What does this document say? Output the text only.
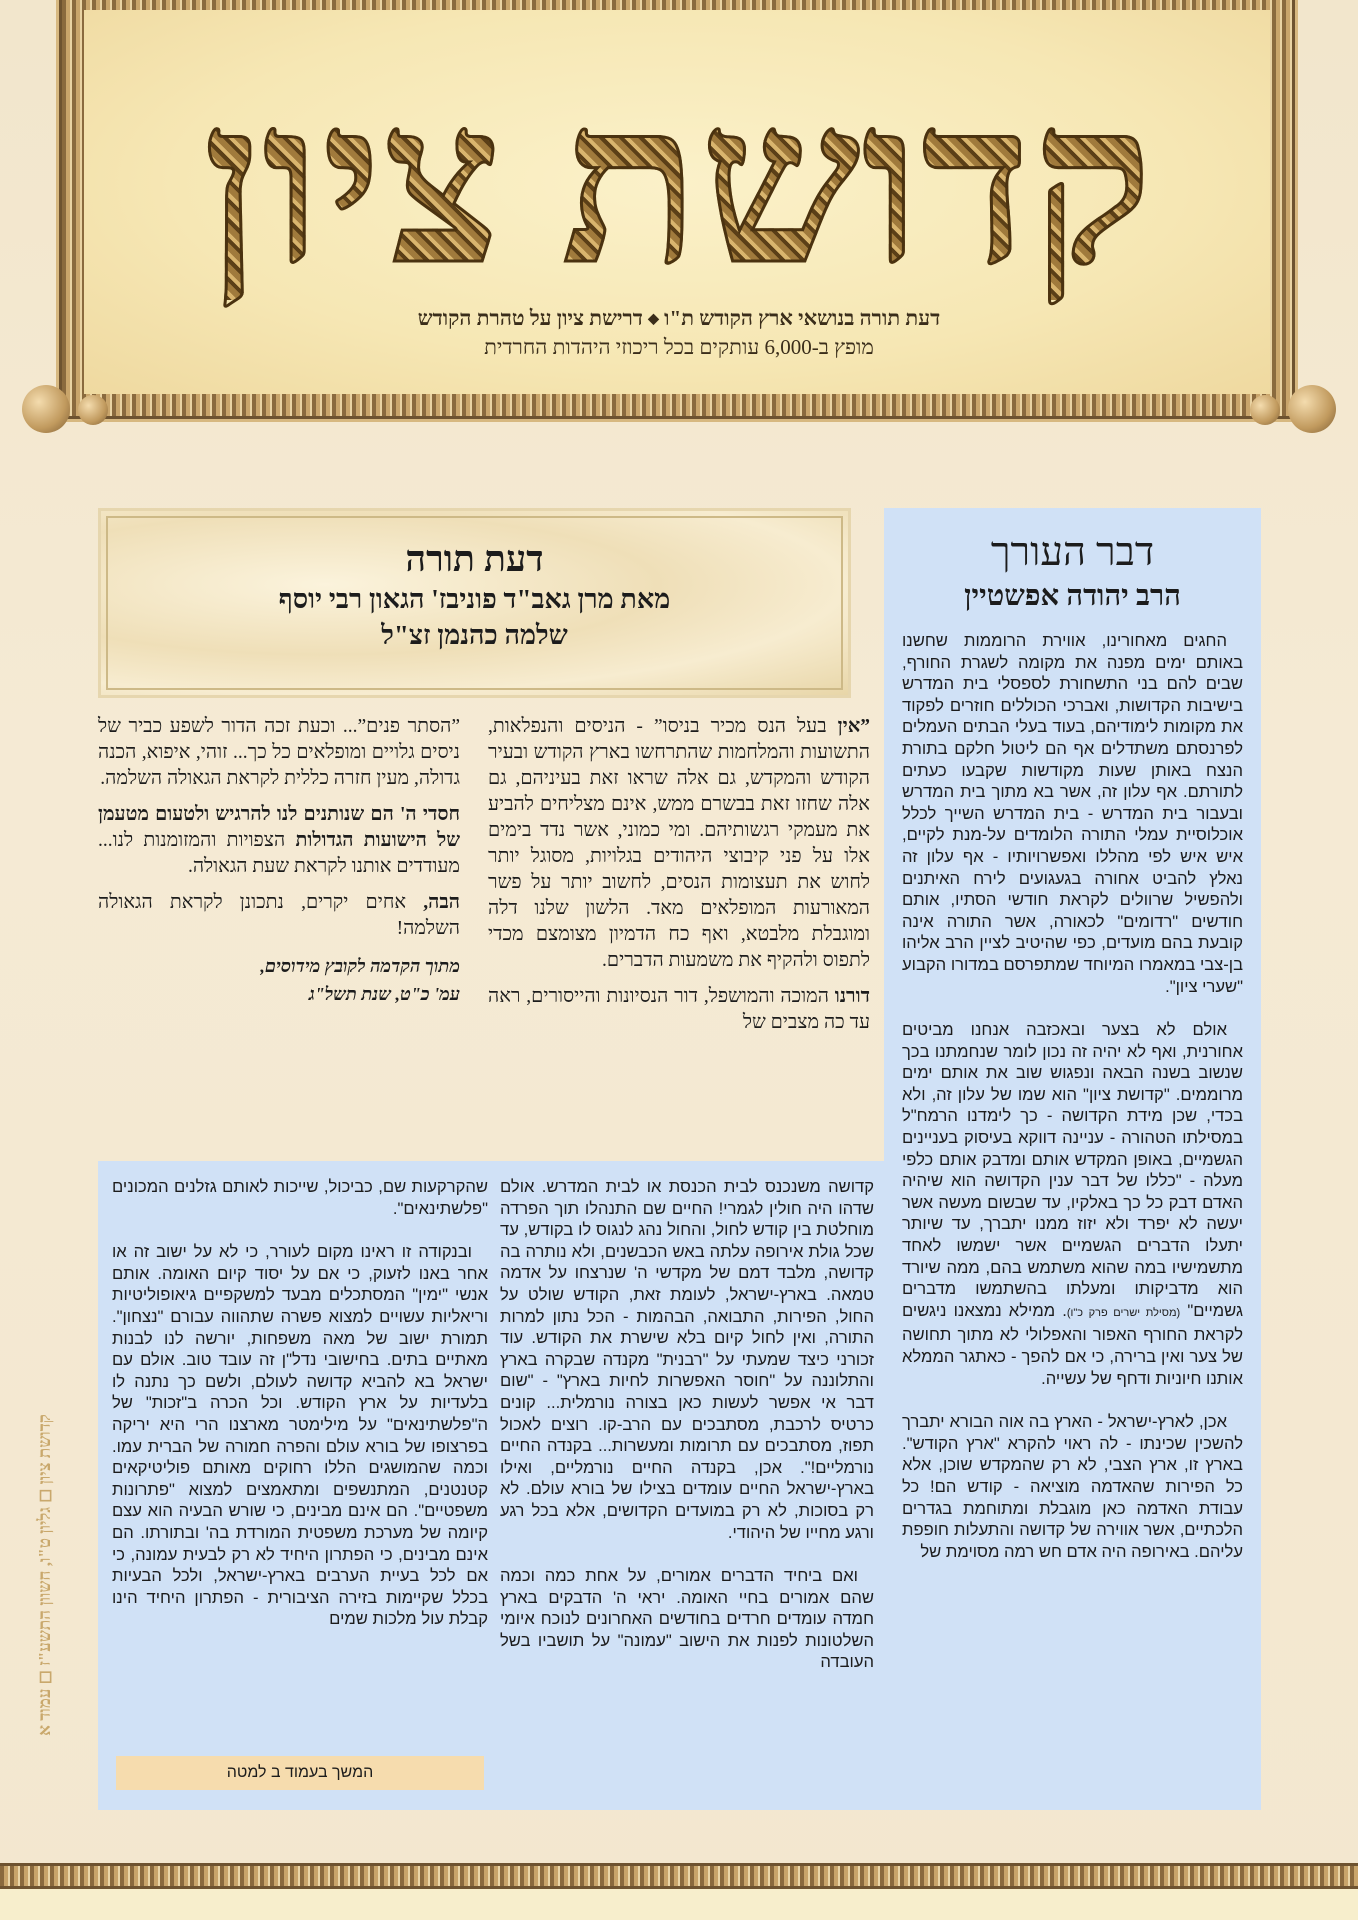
קדושת ציון
דעת תורה בנושאי ארץ הקודש ת"ו ◆ דרישת ציון על טהרת הקודש
מופץ ב-6,000 עותקים בכל ריכוזי היהדות החרדית
דבר העורך
הרב יהודה אפשטיין

החגים מאחורינו, אווירת הרוממות שחשנו באותם ימים מפנה את מקומה לשגרת החורף, שבים להם בני התשחורת לספסלי בית המדרש בישיבות הקדושות, ואברכי הכוללים חוזרים לפקוד את מקומות לימודיהם, בעוד בעלי הבתים העמלים לפרנסתם משתדלים אף הם ליטול חלקם בתורת הנצח באותן שעות מקודשות שקבעו כעתים לתורתם. אף עלון זה, אשר בא מתוך בית המדרש ובעבור בית המדרש - בית המדרש השייך לכלל אוכלוסיית עמלי התורה הלומדים על-מנת לקיים, איש איש לפי מהללו ואפשרויותיו - אף עלון זה נאלץ להביט אחורה בגעגועים לירח האיתנים ולהפשיל שרוולים לקראת חודשי הסתיו, אותם חודשים "רדומים" לכאורה, אשר התורה אינה קובעת בהם מועדים, כפי שהיטיב לציין הרב אליהו בן-צבי במאמרו המיוחד שמתפרסם במדורו הקבוע "שערי ציון".

אולם לא בצער ובאכזבה אנחנו מביטים אחורנית, ואף לא יהיה זה נכון לומר שנחמתנו בכך שנשוב בשנה הבאה ונפגוש שוב את אותם ימים מרוממים. "קדושת ציון" הוא שמו של עלון זה, ולא בכדי, שכן מידת הקדושה - כך לימדנו הרמח"ל במסילתו הטהורה - עניינה דווקא בעיסוק בעניינים הגשמיים, באופן המקדש אותם ומדבק אותם כלפי מעלה - "כללו של דבר ענין הקדושה הוא שיהיה האדם דבק כל כך באלקיו, עד שבשום מעשה אשר יעשה לא יפרד ולא יזוז ממנו יתברך, עד שיותר יתעלו הדברים הגשמיים אשר ישמשו לאחד מתשמישיו במה שהוא משתמש בהם, ממה שיורד הוא מדביקותו ומעלתו בהשתמשו מדברים גשמיים" (מסילת ישרים פרק כ"ו). ממילא נמצאנו ניגשים לקראת החורף האפור והאפלולי לא מתוך תחושה של צער ואין ברירה, כי אם להפך - כאתגר הממלא אותנו חיוניות ודחף של עשייה.

אכן, לארץ-ישראל - הארץ בה אוה הבורא יתברך להשכין שכינתו - לה ראוי להקרא "ארץ הקודש". בארץ זו, ארץ הצבי, לא רק שהמקדש שוכן, אלא כל הפירות שהאדמה מוציאה - קודש הם! כל עבודת האדמה כאן מוגבלת ומתוחמת בגדרים הלכתיים, אשר אווירה של קדושה והתעלות חופפת עליהם. באירופה היה אדם חש רמה מסוימת של

דעת תורה
מאת מרן גאב"ד פוניבז' הגאון רבי יוסף
שלמה כהנמן זצ"ל

”אין בעל הנס מכיר בניסו” - הניסים והנפלאות, התשועות והמלחמות שהתרחשו בארץ הקודש ובעיר הקודש והמקדש, גם אלה שראו זאת בעיניהם, גם אלה שחזו זאת בבשרם ממש, אינם מצליחים להביע את מעמקי רגשותיהם. ומי כמוני, אשר נדד בימים אלו על פני קיבוצי היהודים בגלויות, מסוגל יותר לחוש את תעצומות הנסים, לחשוב יותר על פשר המאורעות המופלאים מאד. הלשון שלנו דלה ומוגבלת מלבטא, ואף כח הדמיון מצומצם מכדי לתפוס ולהקיף את משמעות הדברים.

דורנו המוכה והמושפל, דור הנסיונות והייסורים, ראה עד כה מצבים של

”הסתר פנים”... וכעת זכה הדור לשפע כביר של ניסים גלויים ומופלאים כל כך... זוהי, איפוא, הכנה גדולה, מעין חזרה כללית לקראת הגאולה השלמה.

חסדי ה' הם שנותנים לנו להרגיש ולטעום מטעמן של הישועות הגדולות הצפויות והמזומנות לנו... מעודדים אותנו לקראת שעת הגאולה.

הבה, אחים יקרים, נתכונן לקראת הגאולה השלמה!

מתוך הקדמה לקובץ מידוסים,
עמ' כ"ט, שנת תשל"ג

קדושה משנכנס לבית הכנסת או לבית המדרש. אולם שדהו היה חולין לגמרי! החיים שם התנהלו תוך הפרדה מוחלטת בין קודש לחול, והחול נהג לנגוס לו בקודש, עד שכל גולת אירופה עלתה באש הכבשנים, ולא נותרה בה קדושה, מלבד דמם של מקדשי ה' שנרצחו על אדמה טמאה. בארץ-ישראל, לעומת זאת, הקודש שולט על החול, הפירות, התבואה, הבהמות - הכל נתון למרות התורה, ואין לחול קיום בלא שישרת את הקודש. עוד זכורני כיצד שמעתי על "רבנית" מקנדה שבקרה בארץ והתלוננה על "חוסר האפשרות לחיות בארץ" - "שום דבר אי אפשר לעשות כאן בצורה נורמלית... קונים כרטיס לרכבת, מסתבכים עם הרב-קו. רוצים לאכול תפוז, מסתבכים עם תרומות ומעשרות... בקנדה החיים נורמליים!". אכן, בקנדה החיים נורמליים, ואילו בארץ-ישראל החיים עומדים בצילו של בורא עולם. לא רק בסוכות, לא רק במועדים הקדושים, אלא בכל רגע ורגע מחייו של היהודי.

ואם ביחיד הדברים אמורים, על אחת כמה וכמה שהם אמורים בחיי האומה. יראי ה' הדבקים בארץ חמדה עומדים חרדים בחודשים האחרונים לנוכח איומי השלטונות לפנות את הישוב "עמונה" על תושביו בשל העובדה

שהקרקעות שם, כביכול, שייכות לאותם גזלנים המכונים "פלשתינאים".

ובנקודה זו ראינו מקום לעורר, כי לא על ישוב זה או אחר באנו לזעוק, כי אם על יסוד קיום האומה. אותם אנשי "ימין" המסתכלים מבעד למשקפיים גיאופוליטיות וריאליות עשויים למצוא פשרה שתהווה עבורם "נצחון". תמורת ישוב של מאה משפחות, יורשה לנו לבנות מאתיים בתים. בחישובי נדל"ן זה עובד טוב. אולם עם ישראל בא להביא קדושה לעולם, ולשם כך נתנה לו בלעדיות על ארץ הקודש. וכל הכרה ב"זכות" של ה"פלשתינאים" על מילימטר מארצנו הרי היא יריקה בפרצופו של בורא עולם והפרה חמורה של הברית עמו. וכמה שהמושגים הללו רחוקים מאותם פוליטיקאים קטנטנים, המתנשפים ומתאמצים למצוא "פתרונות משפטיים". הם אינם מבינים, כי שורש הבעיה הוא עצם קיומה של מערכת משפטית המורדת בה' ובתורתו. הם אינם מבינים, כי הפתרון היחיד לא רק לבעית עמונה, כי אם לכל בעיית הערבים בארץ-ישראל, ולכל הבעיות בכלל שקיימות בזירה הציבורית - הפתרון היחיד הינו קבלת עול מלכות שמים

המשך בעמוד ב למטה
קדושת ציון ◻ גליון ט"ו, חשוון התשע"ז ◻ עמוד א
